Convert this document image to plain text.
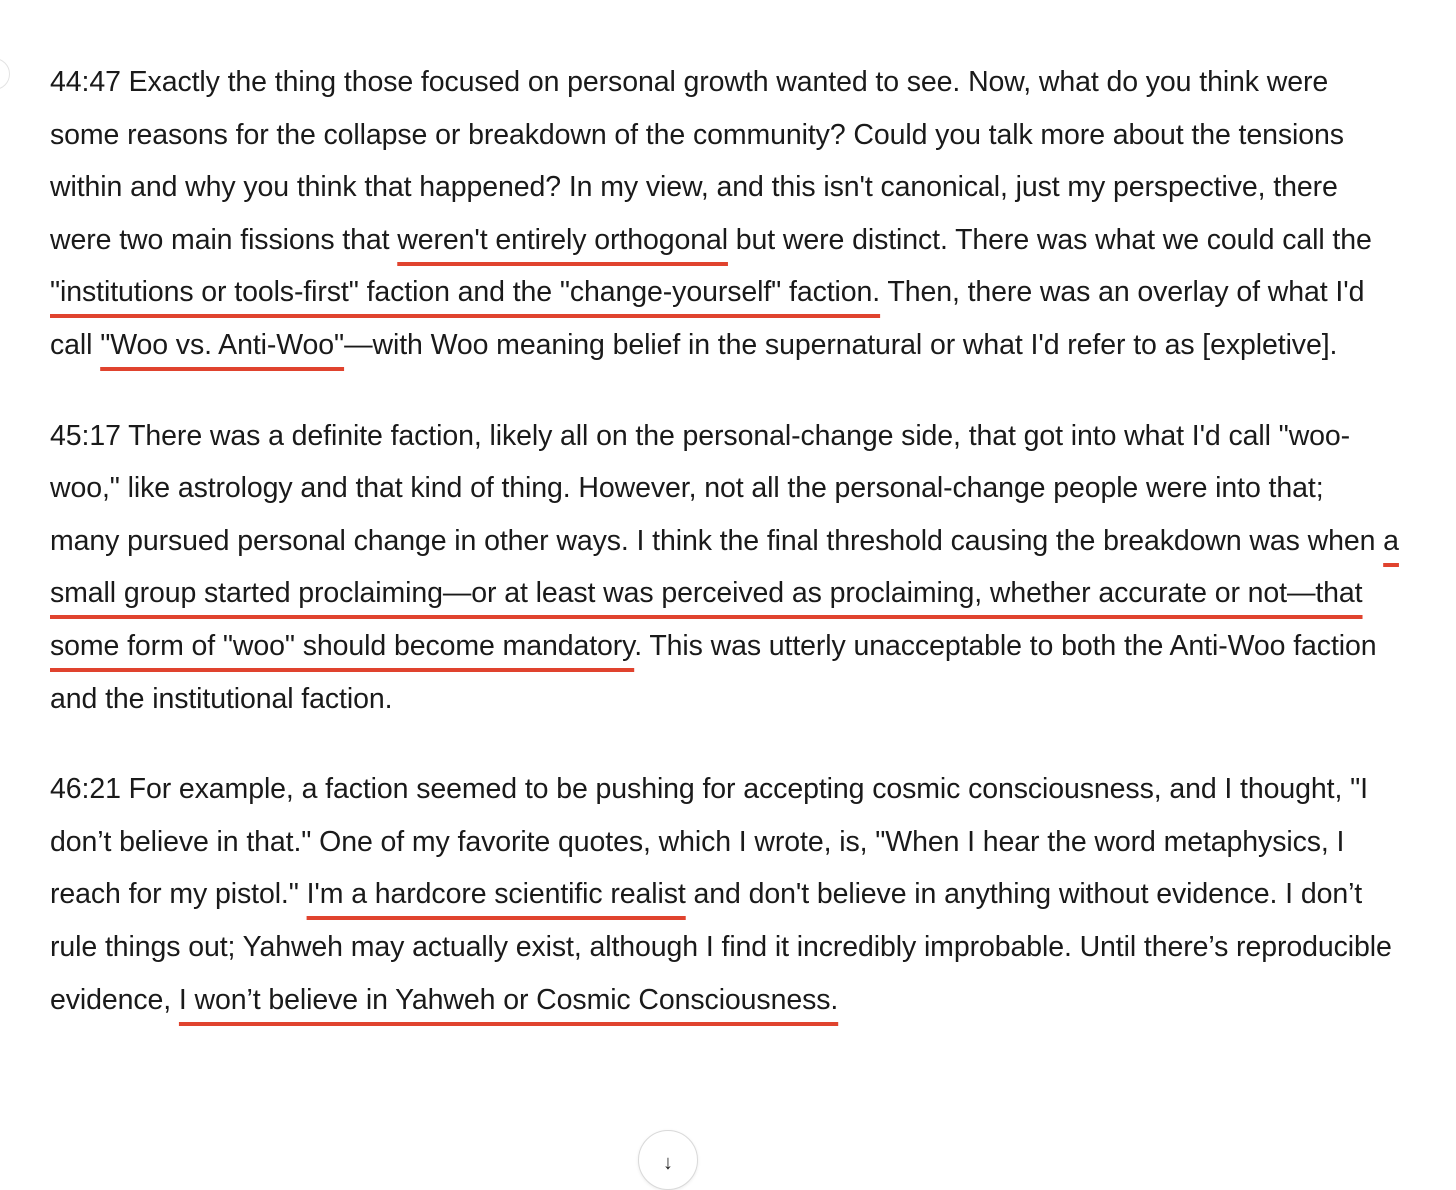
44:47 Exactly the thing those focused on personal growth wanted to see. Now, what do you think were some reasons for the collapse or breakdown of the community? Could you talk more about the tensions within and why you think that happened? In my view, and this isn't canonical, just my perspective, there were two main fissions that weren't entirely orthogonal but were distinct. There was what we could call the "institutions or tools-first" faction and the "change-yourself" faction. Then, there was an overlay of what I'd call "Woo vs. Anti-Woo"—with Woo meaning belief in the supernatural or what I'd refer to as [expletive].

45:17 There was a definite faction, likely all on the personal-change side, that got into what I'd call "woo-woo," like astrology and that kind of thing. However, not all the personal-change people were into that; many pursued personal change in other ways. I think the final threshold causing the breakdown was when a small group started proclaiming—or at least was perceived as proclaiming, whether accurate or not—that some form of "woo" should become mandatory. This was utterly unacceptable to both the Anti-Woo faction and the institutional faction.

46:21 For example, a faction seemed to be pushing for accepting cosmic consciousness, and I thought, "I don’t believe in that." One of my favorite quotes, which I wrote, is, "When I hear the word metaphysics, I reach for my pistol." I'm a hardcore scientific realist and don't believe in anything without evidence. I don’t rule things out; Yahweh may actually exist, although I find it incredibly improbable. Until there’s reproducible evidence, I won’t believe in Yahweh or Cosmic Consciousness.

↓
